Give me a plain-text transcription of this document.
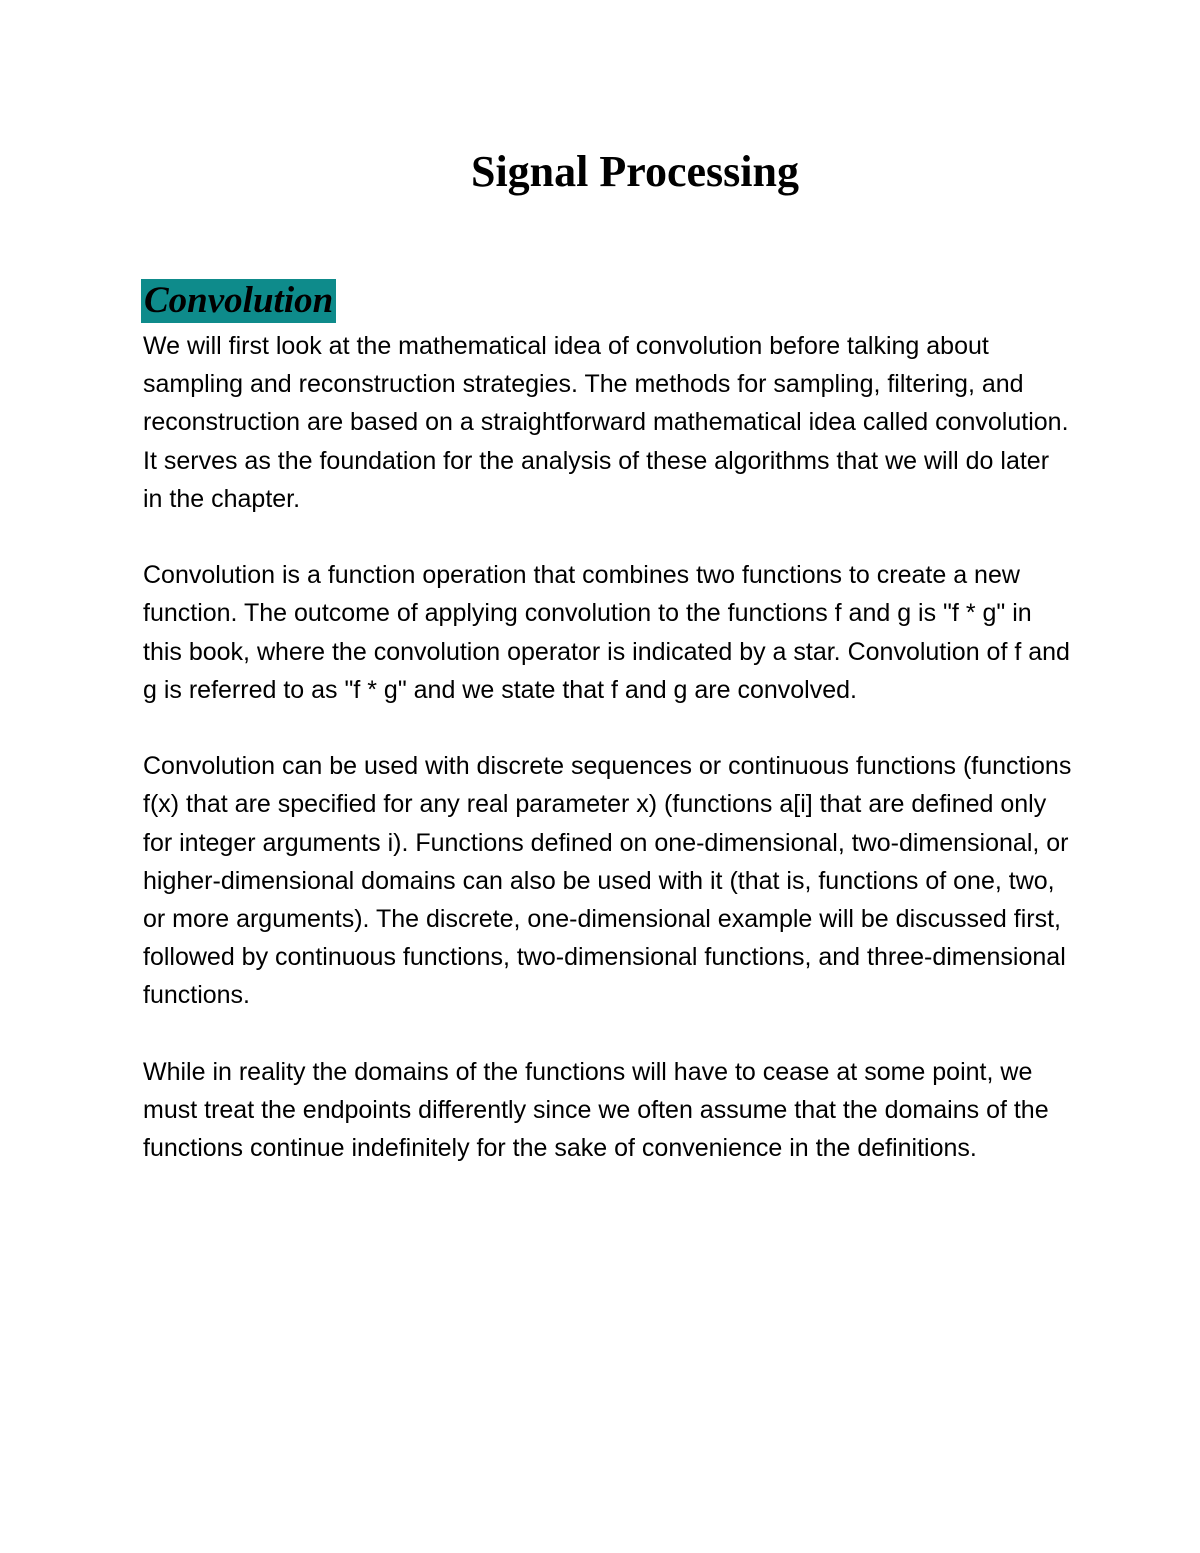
Signal Processing
Convolution

We will first look at the mathematical idea of convolution before talking about sampling and reconstruction strategies. The methods for sampling, filtering, and reconstruction are based on a straightforward mathematical idea called convolution. It serves as the foundation for the analysis of these algorithms that we will do later in the chapter.

Convolution is a function operation that combines two functions to create a new function. The outcome of applying convolution to the functions f and g is "f * g" in this book, where the convolution operator is indicated by a star. Convolution of f and g is referred to as "f * g" and we state that f and g are convolved.

Convolution can be used with discrete sequences or continuous functions (functions f(x) that are specified for any real parameter x) (functions a[i] that are defined only for integer arguments i). Functions defined on one-dimensional, two-dimensional, or higher-dimensional domains can also be used with it (that is, functions of one, two, or more arguments). The discrete, one-dimensional example will be discussed first, followed by continuous functions, two-dimensional functions, and three-dimensional functions.

While in reality the domains of the functions will have to cease at some point, we must treat the endpoints differently since we often assume that the domains of the functions continue indefinitely for the sake of convenience in the definitions.
